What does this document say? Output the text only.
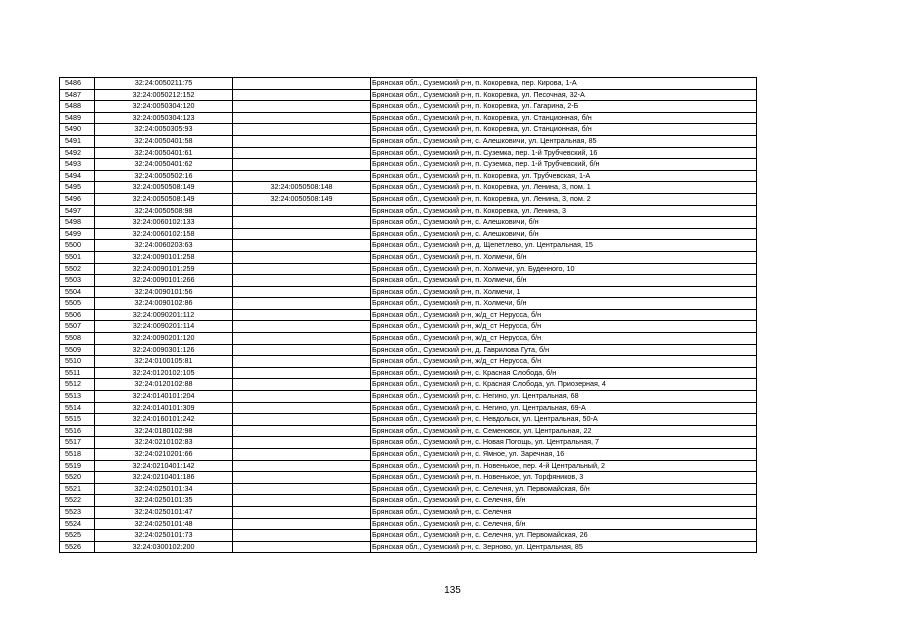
5486	32:24:0050211:75		Брянская обл., Суземский р-н, п. Кокоревка, пер. Кирова, 1-А
5487	32:24:0050212:152		Брянская обл., Суземский р-н, п. Кокоревка, ул. Песочная, 32-А
5488	32:24:0050304:120		Брянская обл., Суземский р-н, п. Кокоревка, ул. Гагарина, 2-Б
5489	32:24:0050304:123		Брянская обл., Суземский р-н, п. Кокоревка, ул. Станционная, б/н
5490	32:24:0050305:93		Брянская обл., Суземский р-н, п. Кокоревка, ул. Станционная, б/н
5491	32:24:0050401:58		Брянская обл., Суземский р-н, с. Алешковичи, ул. Центральная, 85
5492	32:24:0050401:61		Брянская обл., Суземский р-н, п. Суземка, пер. 1-й Трубчевский, 16
5493	32:24:0050401:62		Брянская обл., Суземский р-н, п. Суземка, пер. 1-й Трубчевский, б/н
5494	32:24:0050502:16		Брянская обл., Суземский р-н, п. Кокоревка, ул. Трубчевская, 1-А
5495	32:24:0050508:149	32:24:0050508:148	Брянская обл., Суземский р-н, п. Кокоревка, ул. Ленина, 3, пом. 1
5496	32:24:0050508:149	32:24:0050508:149	Брянская обл., Суземский р-н, п. Кокоревка, ул. Ленина, 3, пом. 2
5497	32:24:0050508:98		Брянская обл., Суземский р-н, п. Кокоревка, ул. Ленина, 3
5498	32:24:0060102:133		Брянская обл., Суземский р-н, с. Алешковичи, б/н
5499	32:24:0060102:158		Брянская обл., Суземский р-н, с. Алешковичи, б/н
5500	32:24:0060203:63		Брянская обл., Суземский р-н, д. Щепетлево, ул. Центральная, 15
5501	32:24:0090101:258		Брянская обл., Суземский р-н, п. Холмечи, б/н
5502	32:24:0090101:259		Брянская обл., Суземский р-н, п. Холмечи, ул. Буденного, 10
5503	32:24:0090101:266		Брянская обл., Суземский р-н, п. Холмечи, б/н
5504	32:24:0090101:56		Брянская обл., Суземский р-н, п. Холмечи, 1
5505	32:24:0090102:86		Брянская обл., Суземский р-н, п. Холмечи, б/н
5506	32:24:0090201:112		Брянская обл., Суземский р-н, ж/д_ст Нерусса, б/н
5507	32:24:0090201:114		Брянская обл., Суземский р-н, ж/д_ст Нерусса, б/н
5508	32:24:0090201:120		Брянская обл., Суземский р-н, ж/д_ст Нерусса, б/н
5509	32:24:0090301:126		Брянская обл., Суземский р-н, д. Гаврилова Гута, б/н
5510	32:24:0100105:81		Брянская обл., Суземский р-н, ж/д_ст Нерусса, б/н
5511	32:24:0120102:105		Брянская обл., Суземский р-н, с. Красная Слобода, б/н
5512	32:24:0120102:88		Брянская обл., Суземский р-н, с. Красная Слобода, ул. Приозерная, 4
5513	32:24:0140101:204		Брянская обл., Суземский р-н, с. Негино, ул. Центральная, 68
5514	32:24:0140101:309		Брянская обл., Суземский р-н, с. Негино, ул. Центральная, 69-А
5515	32:24:0160101:242		Брянская обл., Суземский р-н, с. Невдольск, ул. Центральная, 50-А
5516	32:24:0180102:98		Брянская обл., Суземский р-н, с. Семеновск, ул. Центральная, 22
5517	32:24:0210102:83		Брянская обл., Суземский р-н, с. Новая Погощь, ул. Центральная, 7
5518	32:24:0210201:66		Брянская обл., Суземский р-н, с. Ямное, ул. Заречная, 16
5519	32:24:0210401:142		Брянская обл., Суземский р-н, п. Новенькое, пер. 4-й Центральный, 2
5520	32:24:0210401:186		Брянская обл., Суземский р-н, п. Новенькое, ул. Торфяников, 3
5521	32:24:0250101:34		Брянская обл., Суземский р-н, с. Селечня, ул. Первомайская, б/н
5522	32:24:0250101:35		Брянская обл., Суземский р-н, с. Селечня, б/н
5523	32:24:0250101:47		Брянская обл., Суземский р-н, с. Селечня
5524	32:24:0250101:48		Брянская обл., Суземский р-н, с. Селечня, б/н
5525	32:24:0250101:73		Брянская обл., Суземский р-н, с. Селечня, ул. Первомайская, 26
5526	32:24:0300102:200		Брянская обл., Суземский р-н, с. Зерново, ул. Центральная, 85
135
